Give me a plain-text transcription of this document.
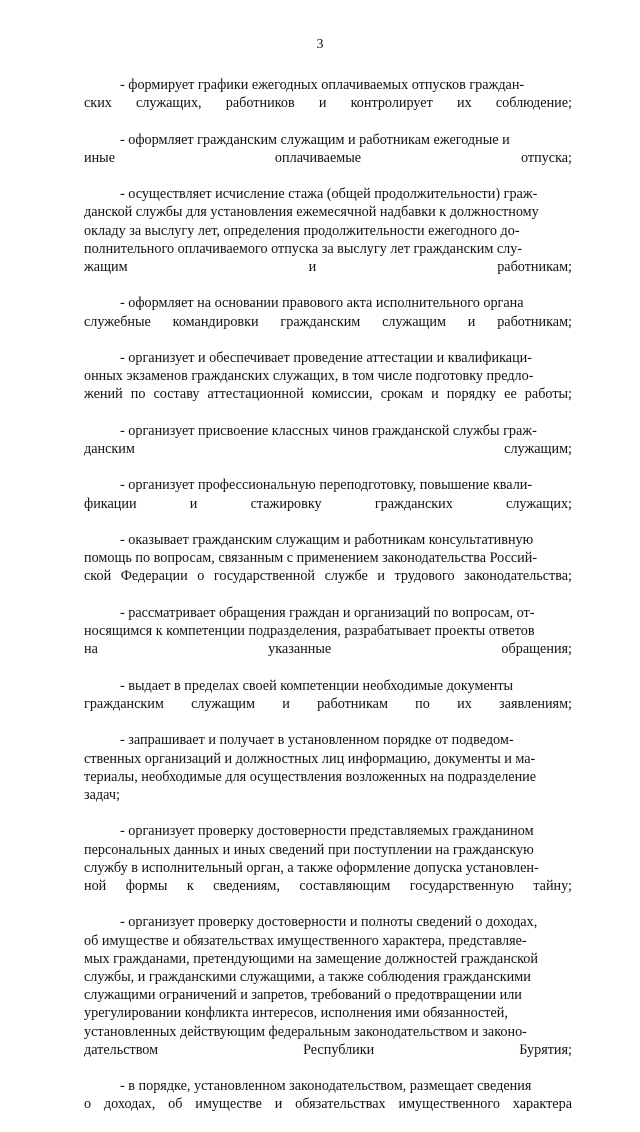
3

- формирует графики ежегодных оплачиваемых отпусков граждан-
ских служащих, работников и контролирует их соблюдение;

- оформляет гражданским служащим и работникам ежегодные и
иные оплачиваемые отпуска;

- осуществляет исчисление стажа (общей продолжительности) граж-
данской службы для установления ежемесячной надбавки к должностному
окладу за выслугу лет, определения продолжительности ежегодного до-
полнительного оплачиваемого отпуска за выслугу лет гражданским слу-
жащим и работникам;

- оформляет на основании правового акта исполнительного органа
служебные командировки гражданским служащим и работникам;

- организует и обеспечивает проведение аттестации и квалификаци-
онных экзаменов гражданских служащих, в том числе подготовку предло-
жений по составу аттестационной комиссии, срокам и порядку ее работы;

- организует присвоение классных чинов гражданской службы граж-
данским служащим;

- организует профессиональную переподготовку, повышение квали-
фикации и стажировку гражданских служащих;

- оказывает гражданским служащим и работникам консультативную
помощь по вопросам, связанным с применением законодательства Россий-
ской Федерации о государственной службе и трудового законодательства;

- рассматривает обращения граждан и организаций по вопросам, от-
носящимся к компетенции подразделения, разрабатывает проекты ответов
на указанные обращения;

- выдает в пределах своей компетенции необходимые документы
гражданским служащим и работникам по их заявлениям;

- запрашивает и получает в установленном порядке от подведом-
ственных организаций и должностных лиц информацию, документы и ма-
териалы, необходимые для осуществления возложенных на подразделение
задач;

- организует проверку достоверности представляемых гражданином
персональных данных и иных сведений при поступлении на гражданскую
службу в исполнительный орган, а также оформление допуска установлен-
ной формы к сведениям, составляющим государственную тайну;

- организует проверку достоверности и полноты сведений о доходах,
об имуществе и обязательствах имущественного характера, представляе-
мых гражданами, претендующими на замещение должностей гражданской
службы, и гражданскими служащими, а также соблюдения гражданскими
служащими ограничений и запретов, требований о предотвращении или
урегулировании конфликта интересов, исполнения ими обязанностей,
установленных действующим федеральным законодательством и законо-
дательством Республики Бурятия;

- в порядке, установленном законодательством, размещает сведения
о доходах, об имуществе и обязательствах имущественного характера
